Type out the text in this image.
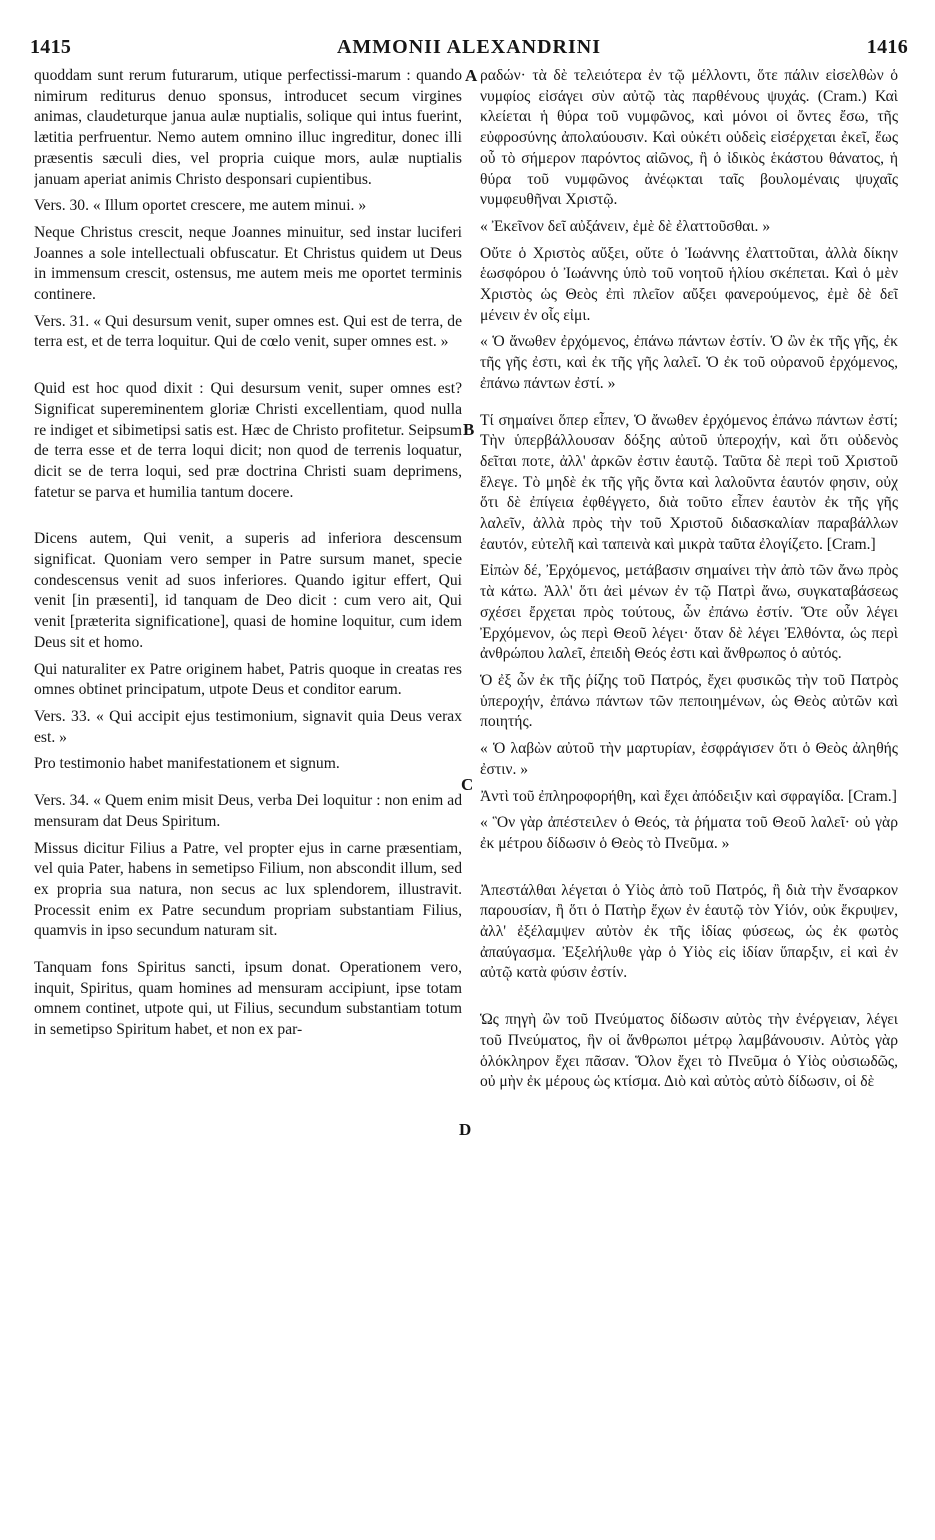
1415	AMMONII ALEXANDRINI	1416

quoddam sunt rerum futurarum, utique perfectissi-marum : quando nimirum rediturus denuo sponsus, introducet secum virgines animas, claudeturque janua aulæ nuptialis, solique qui intus fuerint, lætitia perfruentur. Nemo autem omnino illuc ingreditur, donec illi præsentis sæculi dies, vel propria cuique mors, aulæ nuptialis januam aperiat animis Christo desponsari cupientibus.

Vers. 30. « Illum oportet crescere, me autem minui. »

Neque Christus crescit, neque Joannes minuitur, sed instar luciferi Joannes a sole intellectuali obfuscatur. Et Christus quidem ut Deus in immensum crescit, ostensus, me autem meis me oportet terminis continere.

Vers. 31. « Qui desursum venit, super omnes est. Qui est de terra, de terra est, et de terra loquitur. Qui de cœlo venit, super omnes est. »

Quid est hoc quod dixit : Qui desursum venit, super omnes est? Significat supereminentem gloriæ Christi excellentiam, quod nulla re indiget et sibimetipsi satis est. Hæc de Christo profitetur. Seipsum de terra esse et de terra loqui dicit; non quod de terrenis loquatur, dicit se de terra loqui, sed præ doctrina Christi suam deprimens, fatetur se parva et humilia tantum docere.

Dicens autem, Qui venit, a superis ad inferiora descensum significat. Quoniam vero semper in Patre sursum manet, specie condescensus venit ad suos inferiores. Quando igitur effert, Qui venit [in præsenti], id tanquam de Deo dicit : cum vero ait, Qui venit [præterita significatione], quasi de homine loquitur, cum idem Deus sit et homo.

Qui naturaliter ex Patre originem habet, Patris quoque in creatas res omnes obtinet principatum, utpote Deus et conditor earum.

Vers. 33. « Qui accipit ejus testimonium, signavit quia Deus verax est. »

Pro testimonio habet manifestationem et signum.

Vers. 34. « Quem enim misit Deus, verba Dei loquitur : non enim ad mensuram dat Deus Spiritum.

Missus dicitur Filius a Patre, vel propter ejus in carne præsentiam, vel quia Pater, habens in semetipso Filium, non abscondit illum, sed ex propria sua natura, non secus ac lux splendorem, illustravit. Processit enim ex Patre secundum propriam substantiam Filius, quamvis in ipso secundum naturam sit.

Tanquam fons Spiritus sancti, ipsum donat. Operationem vero, inquit, Spiritus, quam homines ad mensuram accipiunt, ipse totam omnem continet, utpote qui, ut Filius, secundum substantiam totum in semetipso Spiritum habet, et non ex par-

A
B
C
D

ραδών· τὰ δὲ τελειότερα ἐν τῷ μέλλοντι, ὅτε πάλιν εἰσελθὼν ὁ νυμφίος εἰσάγει σὺν αὐτῷ τὰς παρθένους ψυχάς. (Cram.) Καὶ κλείεται ἡ θύρα τοῦ νυμφῶνος, καὶ μόνοι οἱ ὄντες ἔσω, τῆς εὐφροσύνης ἀπολαύουσιν. Καὶ οὐκέτι οὐδεὶς εἰσέρχεται ἐκεῖ, ἕως οὗ τὸ σήμερον παρόντος αἰῶνος, ἢ ὁ ἰδικὸς ἑκάστου θάνατος, ἡ θύρα τοῦ νυμφῶνος ἀνέῳκται ταῖς βουλομέναις ψυχαῖς νυμφευθῆναι Χριστῷ.

« Ἐκεῖνον δεῖ αὐξάνειν, ἐμὲ δὲ ἐλαττοῦσθαι. »

Οὔτε ὁ Χριστὸς αὔξει, οὔτε ὁ Ἰωάννης ἐλαττοῦται, ἀλλὰ δίκην ἑωσφόρου ὁ Ἰωάννης ὑπὸ τοῦ νοητοῦ ἡλίου σκέπεται. Καὶ ὁ μὲν Χριστὸς ὡς Θεὸς ἐπὶ πλεῖον αὔξει φανερούμενος, ἐμὲ δὲ δεῖ μένειν ἐν οἷς εἰμι.

« Ὁ ἄνωθεν ἐρχόμενος, ἐπάνω πάντων ἐστίν. Ὁ ὢν ἐκ τῆς γῆς, ἐκ τῆς γῆς ἐστι, καὶ ἐκ τῆς γῆς λαλεῖ. Ὁ ἐκ τοῦ οὐρανοῦ ἐρχόμενος, ἐπάνω πάντων ἐστί. »

Τί σημαίνει ὅπερ εἶπεν, Ὁ ἄνωθεν ἐρχόμενος ἐπάνω πάντων ἐστί; Τὴν ὑπερβάλλουσαν δόξης αὐτοῦ ὑπεροχήν, καὶ ὅτι οὐδενὸς δεῖται ποτε, ἀλλ' ἀρκῶν ἐστιν ἑαυτῷ. Ταῦτα δὲ περὶ τοῦ Χριστοῦ ἔλεγε. Τὸ μηδὲ ἐκ τῆς γῆς ὄντα καὶ λαλοῦντα ἑαυτόν φησιν, οὐχ ὅτι δὲ ἐπίγεια ἐφθέγγετο, διὰ τοῦτο εἶπεν ἑαυτὸν ἐκ τῆς γῆς λαλεῖν, ἀλλὰ πρὸς τὴν τοῦ Χριστοῦ διδασκαλίαν παραβάλλων ἑαυτόν, εὐτελῆ καὶ ταπεινὰ καὶ μικρὰ ταῦτα ἐλογίζετο. [Cram.]

Εἰπὼν δέ, Ἐρχόμενος, μετάβασιν σημαίνει τὴν ἀπὸ τῶν ἄνω πρὸς τὰ κάτω. Ἀλλ' ὅτι ἀεὶ μένων ἐν τῷ Πατρὶ ἄνω, συγκαταβάσεως σχέσει ἔρχεται πρὸς τούτους, ὧν ἐπάνω ἐστίν. Ὅτε οὖν λέγει Ἐρχόμενον, ὡς περὶ Θεοῦ λέγει· ὅταν δὲ λέγει Ἐλθόντα, ὡς περὶ ἀνθρώπου λαλεῖ, ἐπειδὴ Θεός ἐστι καὶ ἄνθρωπος ὁ αὐτός.

Ὁ ἐξ ὧν ἐκ τῆς ῥίζης τοῦ Πατρός, ἔχει φυσικῶς τὴν τοῦ Πατρὸς ὑπεροχήν, ἐπάνω πάντων τῶν πεποιημένων, ὡς Θεὸς αὐτῶν καὶ ποιητής.

« Ὁ λαβὼν αὐτοῦ τὴν μαρτυρίαν, ἐσφράγισεν ὅτι ὁ Θεὸς ἀληθής ἐστιν. »

Ἀντὶ τοῦ ἐπληροφορήθη, καὶ ἔχει ἀπόδειξιν καὶ σφραγίδα. [Cram.]

« Ὃν γὰρ ἀπέστειλεν ὁ Θεός, τὰ ῥήματα τοῦ Θεοῦ λαλεῖ· οὐ γὰρ ἐκ μέτρου δίδωσιν ὁ Θεὸς τὸ Πνεῦμα. »

Ἀπεστάλθαι λέγεται ὁ Υἱὸς ἀπὸ τοῦ Πατρός, ἢ διὰ τὴν ἔνσαρκον παρουσίαν, ἢ ὅτι ὁ Πατὴρ ἔχων ἐν ἑαυτῷ τὸν Υἱόν, οὐκ ἔκρυψεν, ἀλλ' ἐξέλαμψεν αὐτὸν ἐκ τῆς ἰδίας φύσεως, ὡς ἐκ φωτὸς ἀπαύγασμα. Ἐξελήλυθε γὰρ ὁ Υἱὸς εἰς ἰδίαν ὕπαρξιν, εἰ καὶ ἐν αὐτῷ κατὰ φύσιν ἐστίν.

Ὡς πηγὴ ὢν τοῦ Πνεύματος δίδωσιν αὐτὸς τὴν ἐνέργειαν, λέγει τοῦ Πνεύματος, ἣν οἱ ἄνθρωποι μέτρῳ λαμβάνουσιν. Αὐτὸς γὰρ ὁλόκληρον ἔχει πᾶσαν. Ὅλον ἔχει τὸ Πνεῦμα ὁ Υἱὸς οὐσιωδῶς, οὐ μὴν ἐκ μέρους ὡς κτίσμα. Διὸ καὶ αὐτὸς αὐτὸ δίδωσιν, οἱ δὲ
